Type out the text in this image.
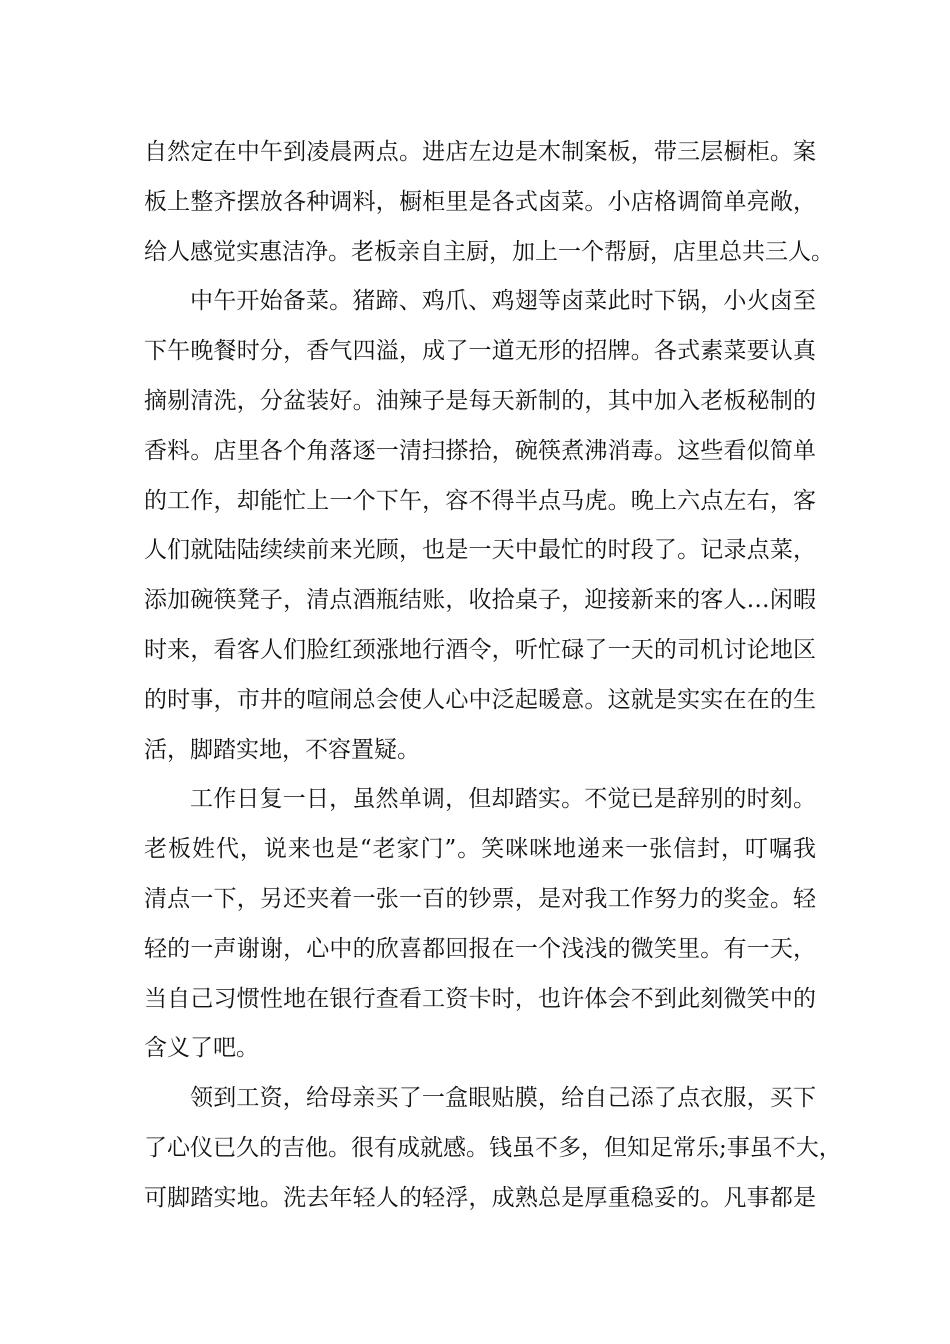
自然定在中午到凌晨两点。进店左边是木制案板，带三层橱柜。案
板上整齐摆放各种调料，橱柜里是各式卤菜。小店格调简单亮敞，
给人感觉实惠洁净。老板亲自主厨，加上一个帮厨，店里总共三人。
中午开始备菜。猪蹄、鸡爪、鸡翅等卤菜此时下锅，小火卤至
下午晚餐时分，香气四溢，成了一道无形的招牌。各式素菜要认真
摘剔清洗，分盆装好。油辣子是每天新制的，其中加入老板秘制的
香料。店里各个角落逐一清扫搽拾，碗筷煮沸消毒。这些看似简单
的工作，却能忙上一个下午，容不得半点马虎。晚上六点左右，客
人们就陆陆续续前来光顾，也是一天中最忙的时段了。记录点菜，
添加碗筷凳子，清点酒瓶结账，收拾桌子，迎接新来的客人…闲暇
时来，看客人们脸红颈涨地行酒令，听忙碌了一天的司机讨论地区
的时事，市井的喧闹总会使人心中泛起暖意。这就是实实在在的生
活，脚踏实地，不容置疑。
工作日复一日，虽然单调，但却踏实。不觉已是辞别的时刻。
老板姓代，说来也是“老家门”。笑咪咪地递来一张信封，叮嘱我
清点一下，另还夹着一张一百的钞票，是对我工作努力的奖金。轻
轻的一声谢谢，心中的欣喜都回报在一个浅浅的微笑里。有一天，
当自己习惯性地在银行查看工资卡时，也许体会不到此刻微笑中的
含义了吧。
领到工资，给母亲买了一盒眼贴膜，给自己添了点衣服，买下
了心仪已久的吉他。很有成就感。钱虽不多，但知足常乐;事虽不大，
可脚踏实地。洗去年轻人的轻浮，成熟总是厚重稳妥的。凡事都是
